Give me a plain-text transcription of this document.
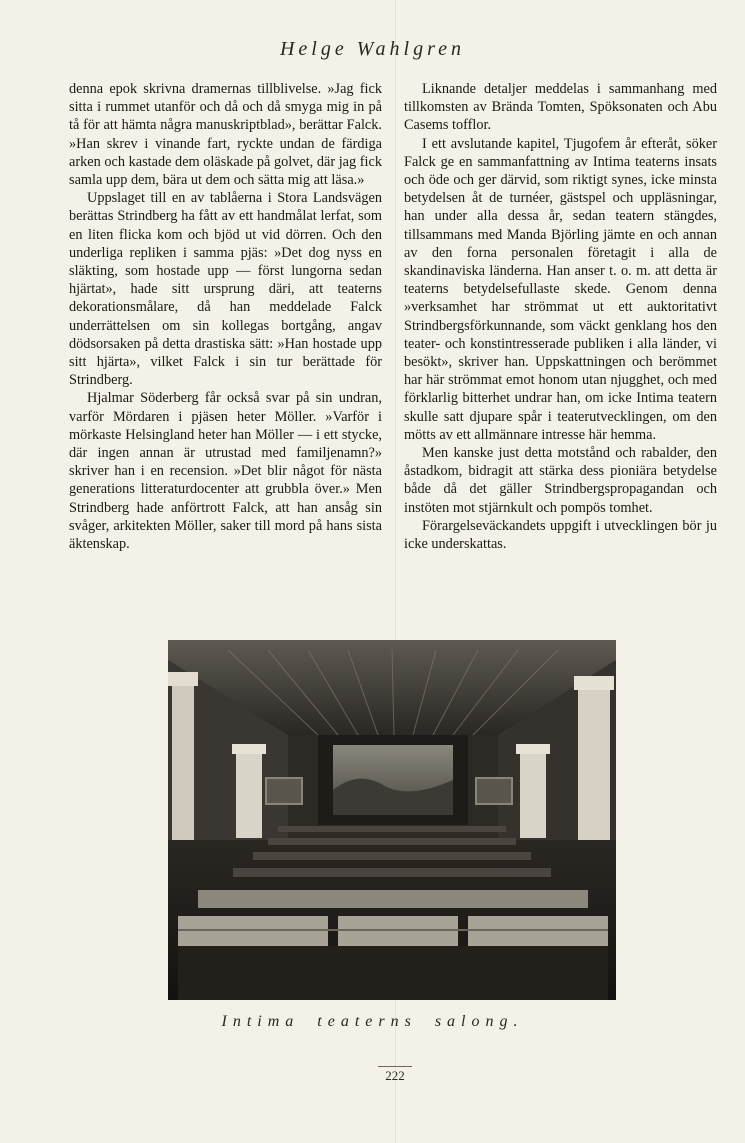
Helge Wahlgren

denna epok skrivna dramernas tillblivelse. »Jag fick sitta i rummet utanför och då och då smyga mig in på tå för att hämta några manuskriptblad», berättar Falck. »Han skrev i vinande fart, ryckte undan de färdiga arken och kastade dem oläskade på golvet, där jag fick samla upp dem, bära ut dem och sätta mig att läsa.»

Uppslaget till en av tablåerna i Stora Landsvägen berättas Strindberg ha fått av ett handmålat lerfat, som en liten flicka kom och bjöd ut vid dörren. Och den underliga repliken i samma pjäs: »Det dog nyss en släkting, som hostade upp — först lungorna sedan hjärtat», hade sitt ursprung däri, att teaterns dekorationsmålare, då han meddelade Falck underrättelsen om sin kollegas bortgång, angav dödsorsaken på detta drastiska sätt: »Han hostade upp sitt hjärta», vilket Falck i sin tur berättade för Strindberg.

Hjalmar Söderberg får också svar på sin undran, varför Mördaren i pjäsen heter Möller. »Varför i mörkaste Helsingland heter han Möller — i ett stycke, där ingen annan är utrustad med familjenamn?» skriver han i en recension. »Det blir något för nästa generations litteraturdocenter att grubbla över.» Men Strindberg hade anförtrott Falck, att han ansåg sin svåger, arkitekten Möller, saker till mord på hans sista äktenskap.

Liknande detaljer meddelas i sammanhang med tillkomsten av Brända Tomten, Spöksonaten och Abu Casems tofflor.

I ett avslutande kapitel, Tjugofem år efteråt, söker Falck ge en sammanfattning av Intima teaterns insats och öde och ger därvid, som riktigt synes, icke minsta betydelsen åt de turnéer, gästspel och uppläsningar, han under alla dessa år, sedan teatern stängdes, tillsammans med Manda Björling jämte en och annan av den forna personalen företagit i alla de skandinaviska länderna. Han anser t. o. m. att detta är teaterns betydelsefullaste skede. Genom denna »verksamhet har strömmat ut ett auktoritativt Strindbergsförkunnande, som väckt genklang hos den teater- och konstintresserade publiken i alla länder, vi besökt», skriver han. Uppskattningen och berömmet har här strömmat emot honom utan njugghet, och med förklarlig bitterhet undrar han, om icke Intima teatern skulle satt djupare spår i teaterutvecklingen, om den mötts av ett allmännare intresse här hemma.

Men kanske just detta motstånd och rabalder, den åstadkom, bidragit att stärka dess pioniära betydelse både då det gäller Strindbergspropagandan och instöten mot stjärnkult och pompös tomhet.

Förargelseväckandets uppgift i utvecklingen bör ju icke underskattas.

Intima teaterns salong.
222
